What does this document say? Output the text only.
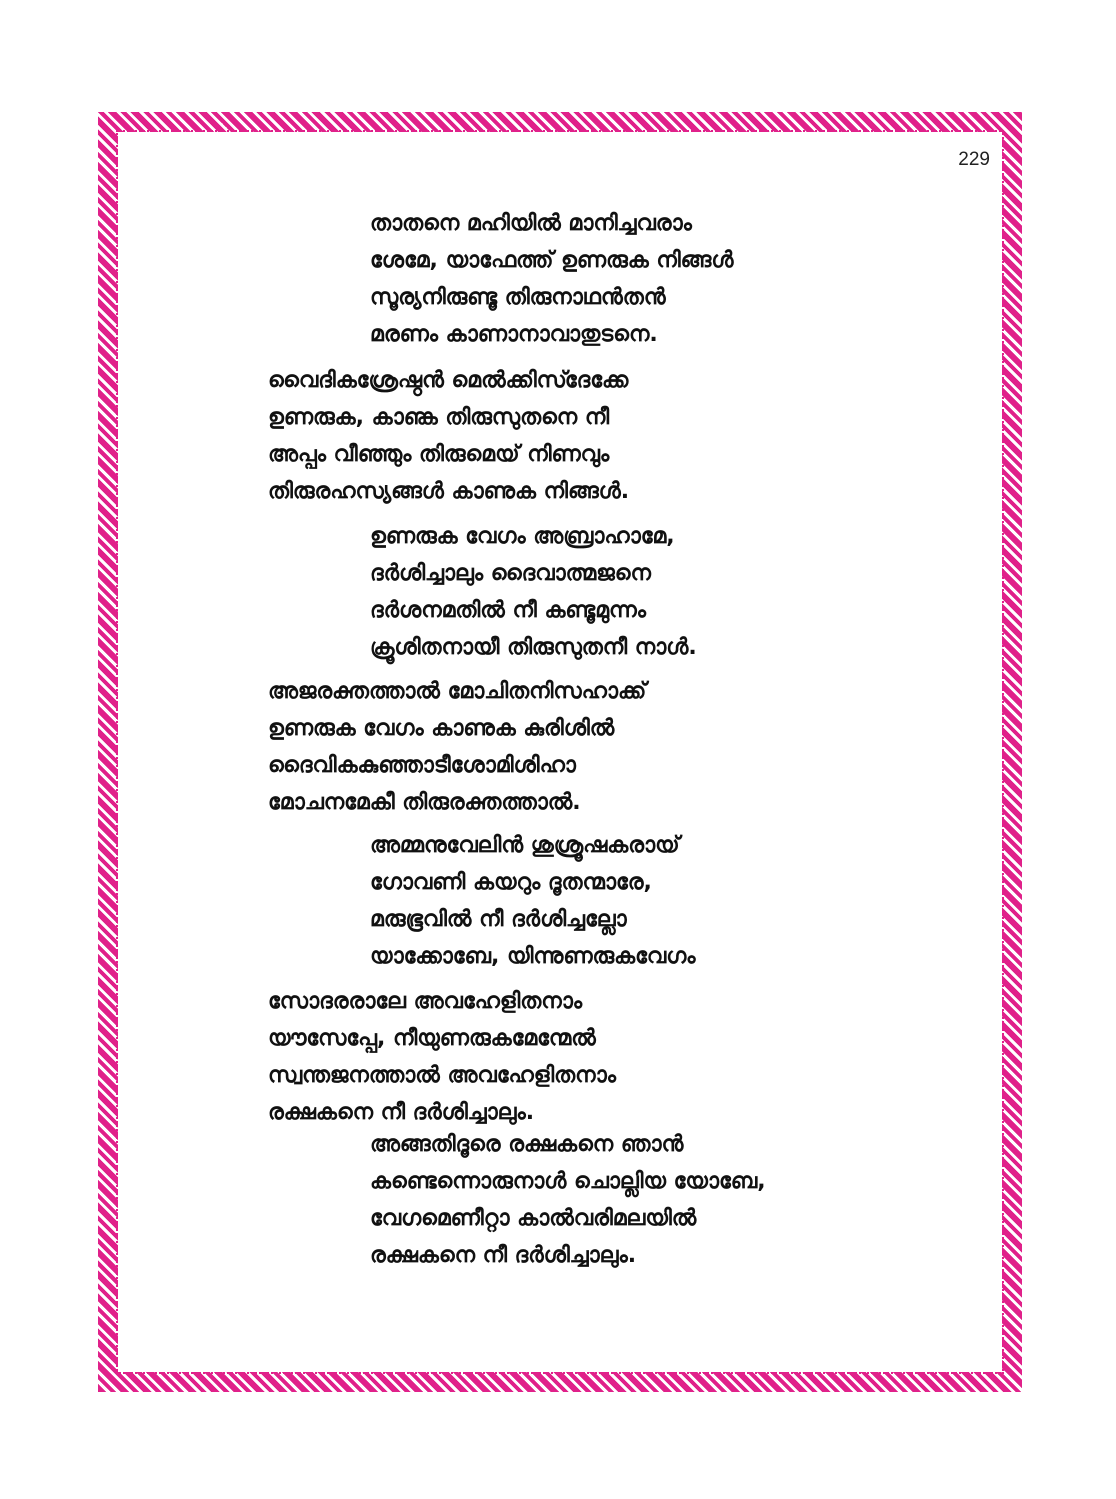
229
താതനെ മഹിയിൽ മാനിച്ചവരാം
ശേമേ, യാഫേത്ത് ഉണരുക നിങ്ങൾ
സൂര്യനിരുണ്ടൂ തിരുനാഥൻതൻ
മരണം കാണാനാവാതുടനെ.
വൈദികശ്രേഷ്ഠൻ മെൽക്കിസ്ദേക്കേ
ഉണരുക, കാണ്ക തിരുസുതനെ നീ
അപ്പം വീഞ്ഞും തിരുമെയ് നിണവും
തിരുരഹസ്യങ്ങൾ കാണുക നിങ്ങൾ.
ഉണരുക വേഗം അബ്രാഹാമേ,
ദർശിച്ചാലും ദൈവാത്മജനെ
ദർശനമതിൽ നീ കണ്ടൂമുന്നം
ക്രൂശിതനായീ തിരുസുതനീ നാൾ.
അജരക്തത്താൽ മോചിതനിസഹാക്ക്
ഉണരുക വേഗം കാണുക കുരിശിൽ
ദൈവികകുഞ്ഞാടീശോമിശിഹാ
മോചനമേകീ തിരുരക്തത്താൽ.
അമ്മനുവേലിൻ ശുശ്രൂഷകരായ്
ഗോവണി കയറും ദൂതന്മാരേ,
മരുഭൂവിൽ നീ ദർശിച്ചല്ലോ
യാക്കോബേ, യിന്നുണരുകവേഗം
സോദരരാലേ അവഹേളിതനാം
യൗസേപ്പേ, നീയുണരുകമേന്മേൽ
സ്വന്തജനത്താൽ അവഹേളിതനാം
രക്ഷകനെ നീ ദർശിച്ചാലും.
അങ്ങതിദൂരെ രക്ഷകനെ ഞാൻ
കണ്ടെന്നൊരുനാൾ ചൊല്ലിയ യോബേ,
വേഗമെണീറ്റാ കാൽവരിമലയിൽ
രക്ഷകനെ നീ ദർശിച്ചാലും.
